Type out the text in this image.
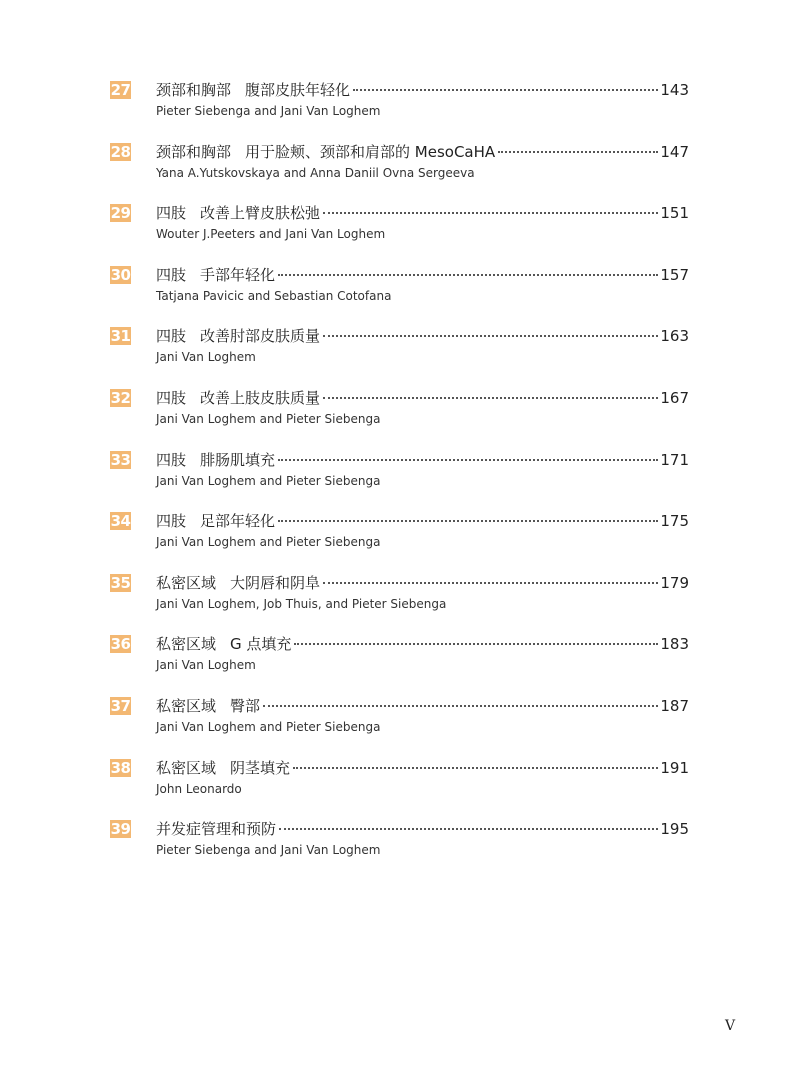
27 颈部和胸部 腹部皮肤年轻化	143
Pieter Siebenga and Jani Van Loghem
28 颈部和胸部 用于脸颊、颈部和肩部的 MesoCaHA	147
Yana A.Yutskovskaya and Anna Daniil Ovna Sergeeva
29 四肢 改善上臂皮肤松弛	151
Wouter J.Peeters and Jani Van Loghem
30 四肢 手部年轻化	157
Tatjana Pavicic and Sebastian Cotofana
31 四肢 改善肘部皮肤质量	163
Jani Van Loghem
32 四肢 改善上肢皮肤质量	167
Jani Van Loghem and Pieter Siebenga
33 四肢 腓肠肌填充	171
Jani Van Loghem and Pieter Siebenga
34 四肢 足部年轻化	175
Jani Van Loghem and Pieter Siebenga
35 私密区域 大阴唇和阴阜	179
Jani Van Loghem, Job Thuis, and Pieter Siebenga
36 私密区域 G 点填充	183
Jani Van Loghem
37 私密区域 臀部	187
Jani Van Loghem and Pieter Siebenga
38 私密区域 阴茎填充	191
John Leonardo
39 并发症管理和预防	195
Pieter Siebenga and Jani Van Loghem
V
